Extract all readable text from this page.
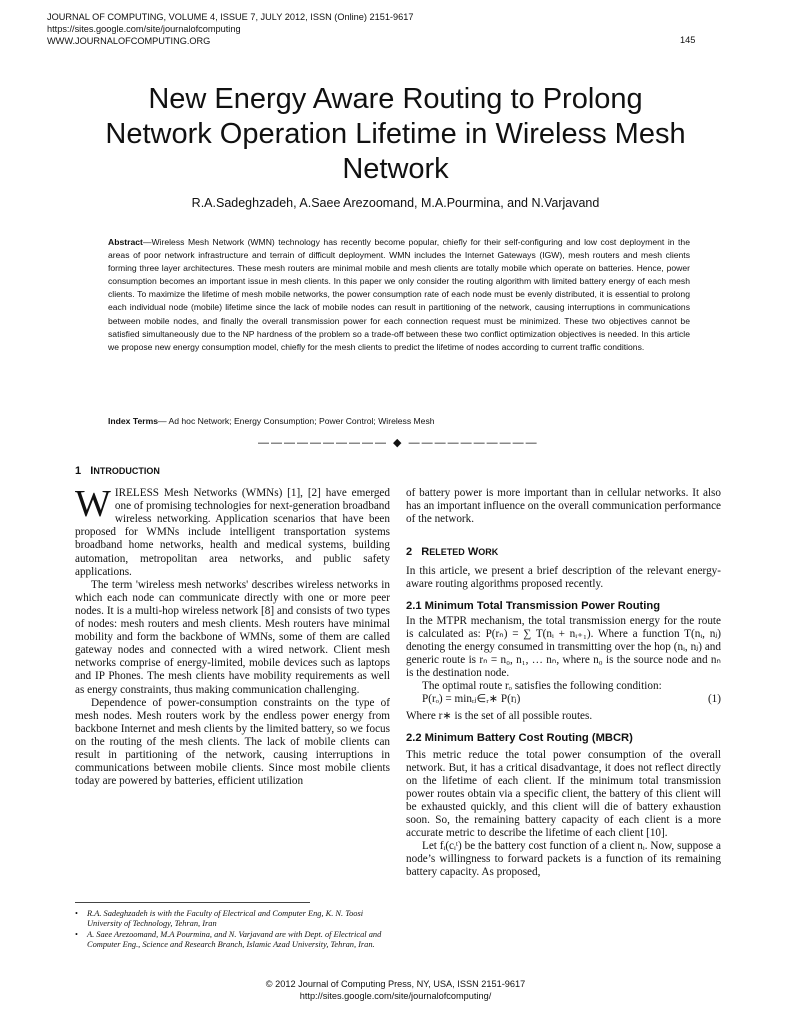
JOURNAL OF COMPUTING, VOLUME 4, ISSUE 7, JULY 2012, ISSN (Online) 2151-9617
https://sites.google.com/site/journalofcomputing
WWW.JOURNALOFCOMPUTING.ORG	145
New Energy Aware Routing to Prolong
Network Operation Lifetime in Wireless Mesh
Network
R.A.Sadeghzadeh, A.Saee Arezoomand, M.A.Pourmina, and N.Varjavand
Abstract—Wireless Mesh Network (WMN) technology has recently become popular, chiefly for their self-configuring and low cost deployment in the areas of poor network infrastructure and terrain of difficult deployment. WMN includes the Internet Gateways (IGW), mesh routers and mesh clients forming three layer architectures. These mesh routers are minimal mobile and mesh clients are totally mobile which operate on batteries. Hence, power consumption becomes an important issue in mesh clients. In this paper we only consider the routing algorithm with limited battery energy of each mesh clients. To maximize the lifetime of mesh mobile networks, the power consumption rate of each node must be evenly distributed, it is essential to prolong each individual node (mobile) lifetime since the lack of mobile nodes can result in partitioning of the network, causing interruptions in communications between mobile nodes, and finally the overall transmission power for each connection request must be minimized. These two objectives cannot be satisfied simultaneously due to the NP hardness of the problem so a trade-off between these two conflict optimization objectives is needed. In this article we propose new energy consumption model, chiefly for the mesh clients to predict the lifetime of nodes according to current traffic conditions.
Index Terms— Ad hoc Network; Energy Consumption; Power Control; Wireless Mesh
—————————— ◆ ——————————

1 INTRODUCTION

WIRELESS Mesh Networks (WMNs) [1], [2] have emerged one of promising technologies for next-generation broadband wireless networking. Application scenarios that have been proposed for WMNs include intelligent transportation systems broadband home networks, health and medical systems, building automation, metropolitan area networks, and public safety applications.

The term 'wireless mesh networks' describes wireless networks in which each node can communicate directly with one or more peer nodes. It is a multi-hop wireless network [8] and consists of two types of nodes: mesh routers and mesh clients. Mesh routers have minimal mobility and form the backbone of WMNs, some of them are called gateway nodes and connected with a wired network. Client mesh networks comprise of energy-limited, mobile devices such as laptops and IP Phones. The mesh clients have mobility requirements as well as energy constraints, thus making communication challenging.

Dependence of power-consumption constraints on the type of mesh nodes. Mesh routers work by the endless power energy from backbone Internet and mesh clients by the limited battery, so we focus on the routing of the mesh clients. The lack of mobile clients can result in partitioning of the network, causing interruptions in communications between mobile clients. Since most mobile clients today are powered by batteries, efficient utilization

of battery power is more important than in cellular networks. It also has an important influence on the overall communication performance of the network.

2 RELETED WORK

In this article, we present a brief description of the relevant energy-aware routing algorithms proposed recently.

2.1 Minimum Total Transmission Power Routing

In the MTPR mechanism, the total transmission energy for the route is calculated as: P(rₙ) = ∑ T(nᵢ + nᵢ₊₁). Where a function T(nᵢ, nⱼ) denoting the energy consumed in transmitting over the hop (nᵢ, nⱼ) and generic route is rₙ = n₀, n₁, … nₙ, where n₀ is the source node and nₙ is the destination node.

The optimal route rₒ satisfies the following condition:

P(rₒ) = minᵣⱼ∈ᵣ∗ P(rⱼ)	(1)

Where r∗ is the set of all possible routes.

2.2 Minimum Battery Cost Routing (MBCR)

This metric reduce the total power consumption of the overall network. But, it has a critical disadvantage, it does not reflect directly on the lifetime of each client. If the minimum total transmission power routes obtain via a specific client, the battery of this client will be exhausted quickly, and this client will die of battery exhaustion soon. So, the remaining battery capacity of each client is a more accurate metric to describe the lifetime of each client [10].

Let fᵢ(cᵢᵗ) be the battery cost function of a client nᵢ. Now, suppose a node’s willingness to forward packets is a function of its remaining battery capacity. As proposed,

• R.A. Sadeghzadeh is with the Faculty of Electrical and Computer Eng, K. N. Toosi University of Technology, Tehran, Iran

• A. Saee Arezoomand, M.A Pourmina, and N. Varjavand are with Dept. of Electrical and Computer Eng., Science and Research Branch, Islamic Azad University, Tehran, Iran.

© 2012 Journal of Computing Press, NY, USA, ISSN 2151-9617
http://sites.google.com/site/journalofcomputing/
